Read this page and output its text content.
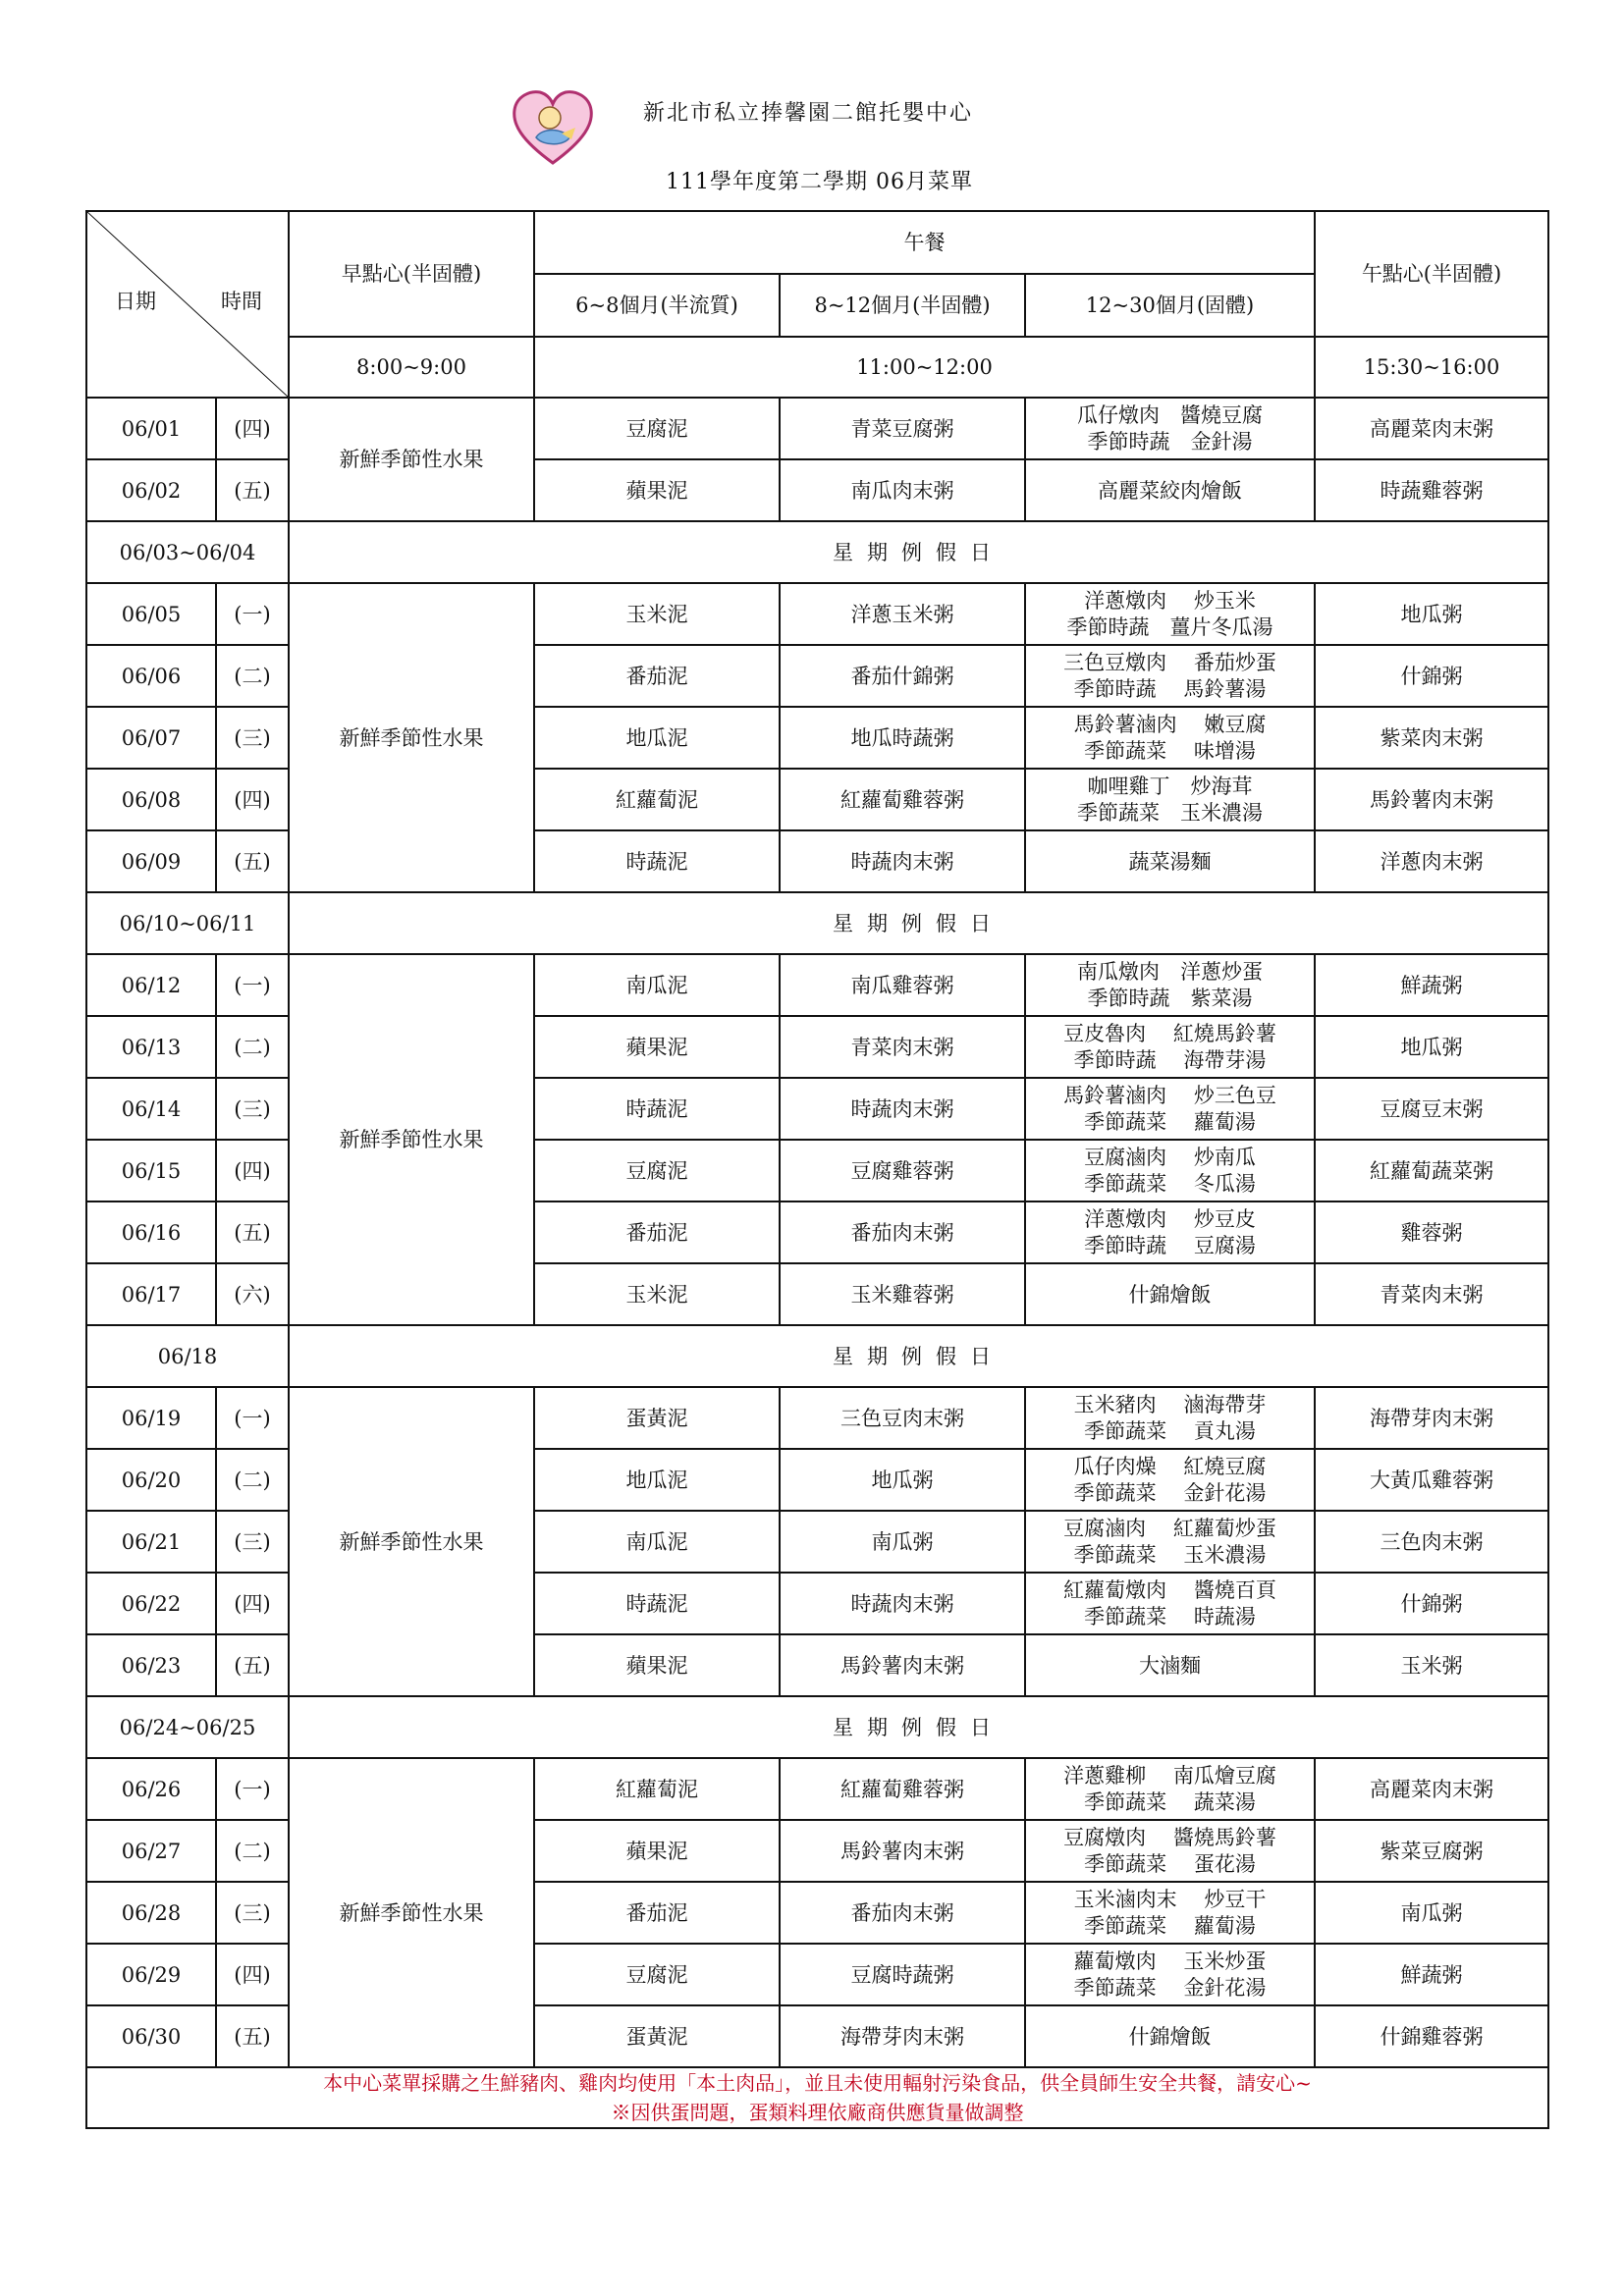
新北市私立捧馨園二館托嬰中心
111學年度第二學期 06月菜單
日期 時間		早點心(半固體)	午餐			午點心(半固體)
			6~8個月(半流質)	8~12個月(半固體)	12~30個月(固體)	
		8:00~9:00	11:00~12:00			15:30~16:00
06/01	(四)	新鮮季節性水果	豆腐泥	青菜豆腐粥	瓜仔燉肉　醬燒豆腐
季節時蔬　金針湯	高麗菜肉末粥
06/02	(五)		蘋果泥	南瓜肉末粥	高麗菜絞肉燴飯	時蔬雞蓉粥
06/03~06/04		星期例假日				
06/05	(一)	新鮮季節性水果	玉米泥	洋蔥玉米粥	洋蔥燉肉　 炒玉米
季節時蔬　薑片冬瓜湯	地瓜粥
06/06	(二)		番茄泥	番茄什錦粥	三色豆燉肉　 番茄炒蛋
季節時蔬　 馬鈴薯湯	什錦粥
06/07	(三)		地瓜泥	地瓜時蔬粥	馬鈴薯滷肉　 嫩豆腐
季節蔬菜　 味增湯	紫菜肉末粥
06/08	(四)		紅蘿蔔泥	紅蘿蔔雞蓉粥	咖哩雞丁　炒海茸
季節蔬菜　玉米濃湯	馬鈴薯肉末粥
06/09	(五)		時蔬泥	時蔬肉末粥	蔬菜湯麵	洋蔥肉末粥
06/10~06/11		星期例假日				
06/12	(一)	新鮮季節性水果	南瓜泥	南瓜雞蓉粥	南瓜燉肉　洋蔥炒蛋
季節時蔬　紫菜湯	鮮蔬粥
06/13	(二)		蘋果泥	青菜肉末粥	豆皮魯肉　 紅燒馬鈴薯
季節時蔬　 海帶芽湯	地瓜粥
06/14	(三)		時蔬泥	時蔬肉末粥	馬鈴薯滷肉　 炒三色豆
季節蔬菜　 蘿蔔湯	豆腐豆末粥
06/15	(四)		豆腐泥	豆腐雞蓉粥	豆腐滷肉　 炒南瓜
季節蔬菜　 冬瓜湯	紅蘿蔔蔬菜粥
06/16	(五)		番茄泥	番茄肉末粥	洋蔥燉肉　 炒豆皮
季節時蔬　 豆腐湯	雞蓉粥
06/17	(六)		玉米泥	玉米雞蓉粥	什錦燴飯	青菜肉末粥
06/18		星期例假日				
06/19	(一)	新鮮季節性水果	蛋黃泥	三色豆肉末粥	玉米豬肉　 滷海帶芽
季節蔬菜　 貢丸湯	海帶芽肉末粥
06/20	(二)		地瓜泥	地瓜粥	瓜仔肉燥　 紅燒豆腐
季節蔬菜　 金針花湯	大黃瓜雞蓉粥
06/21	(三)		南瓜泥	南瓜粥	豆腐滷肉　 紅蘿蔔炒蛋
季節蔬菜　 玉米濃湯	三色肉末粥
06/22	(四)		時蔬泥	時蔬肉末粥	紅蘿蔔燉肉　 醬燒百頁
季節蔬菜　 時蔬湯	什錦粥
06/23	(五)		蘋果泥	馬鈴薯肉末粥	大滷麵	玉米粥
06/24~06/25		星期例假日				
06/26	(一)	新鮮季節性水果	紅蘿蔔泥	紅蘿蔔雞蓉粥	洋蔥雞柳　 南瓜燴豆腐
季節蔬菜　 蔬菜湯	高麗菜肉末粥
06/27	(二)		蘋果泥	馬鈴薯肉末粥	豆腐燉肉　 醬燒馬鈴薯
季節蔬菜　 蛋花湯	紫菜豆腐粥
06/28	(三)		番茄泥	番茄肉末粥	玉米滷肉末　 炒豆干
季節蔬菜　 蘿蔔湯	南瓜粥
06/29	(四)		豆腐泥	豆腐時蔬粥	蘿蔔燉肉　 玉米炒蛋
季節蔬菜　 金針花湯	鮮蔬粥
06/30	(五)		蛋黃泥	海帶芽肉末粥	什錦燴飯	什錦雞蓉粥

本中心菜單採購之生鮮豬肉、雞肉均使用「本土肉品」，並且未使用輻射污染食品，供全員師生安全共餐，請安心~
※因供蛋問題，蛋類料理依廠商供應貨量做調整						
